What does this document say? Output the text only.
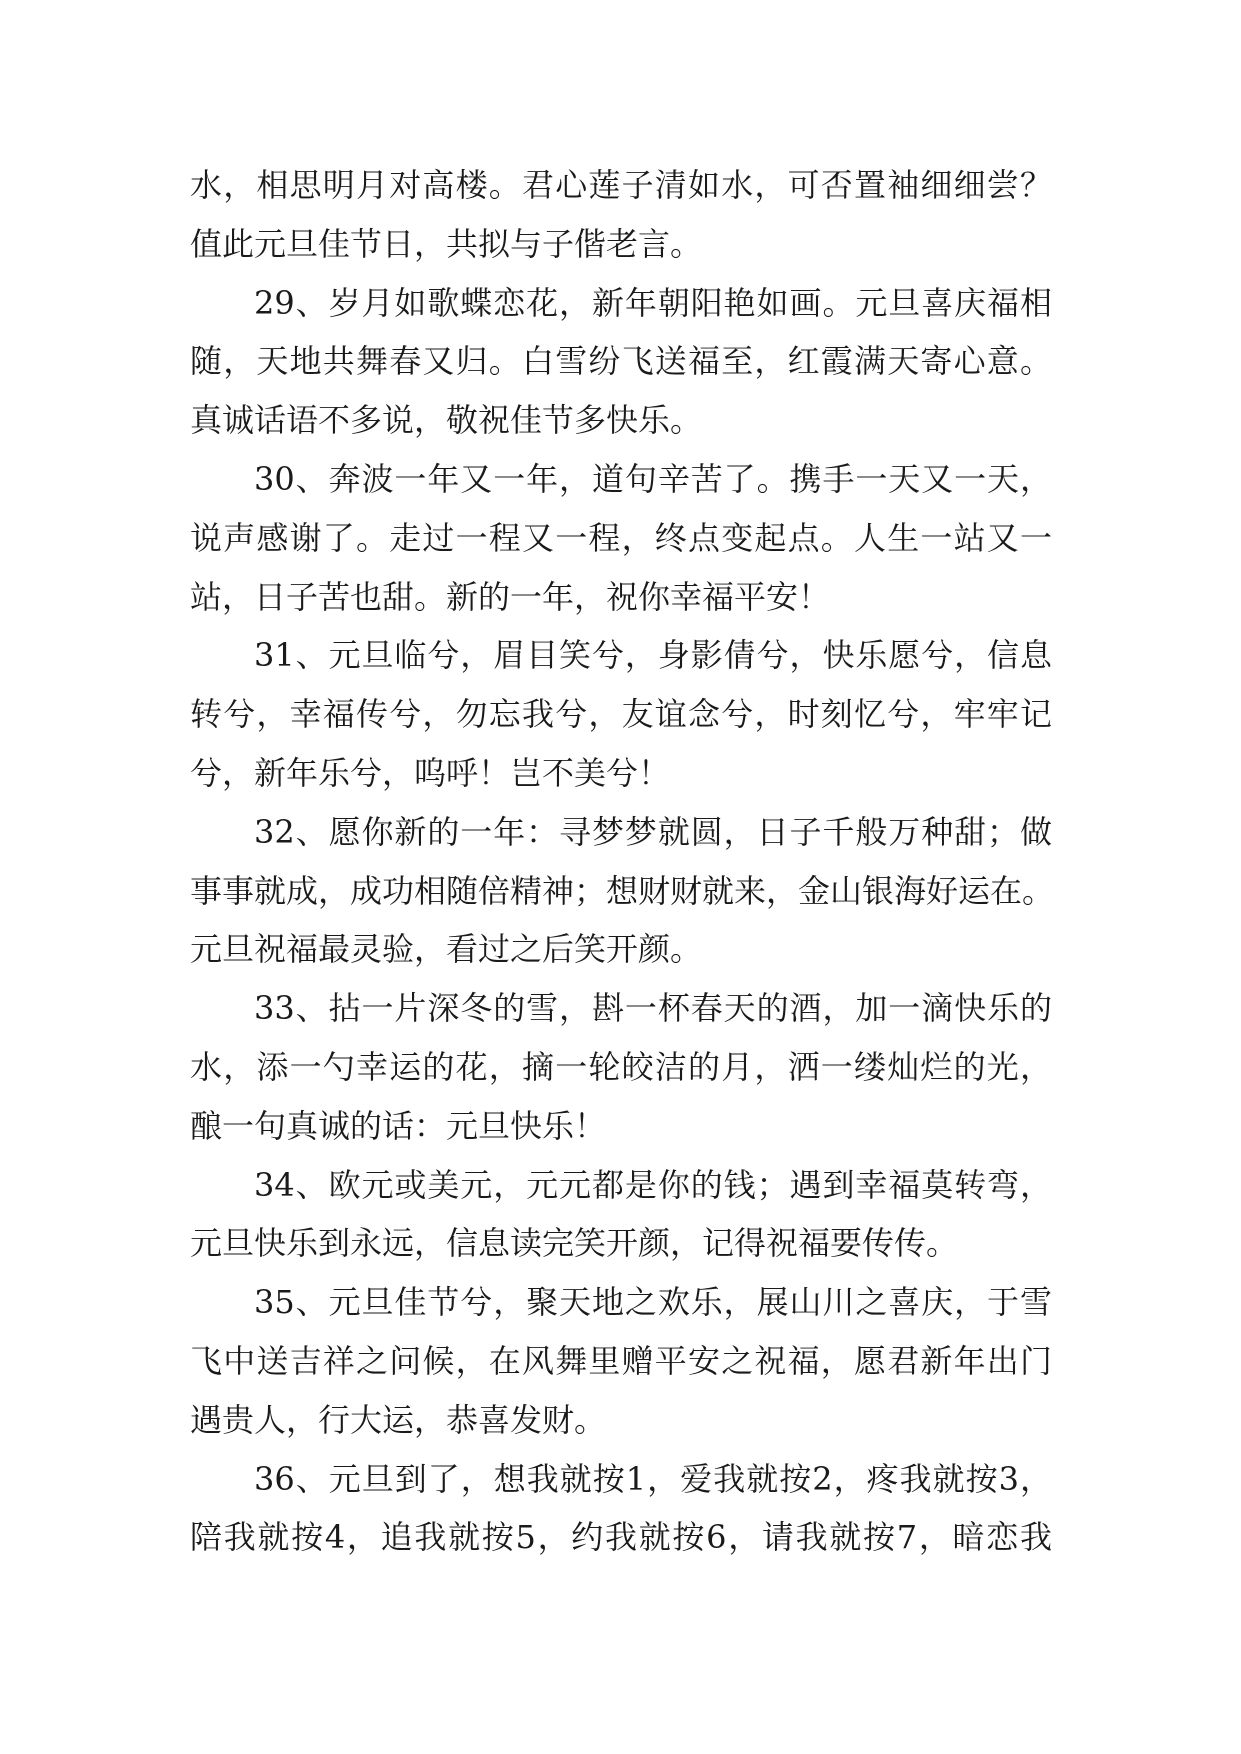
水，相思明月对高楼。君心莲子清如水，可否置袖细细尝？
值此元旦佳节日，共拟与子偕老言。
29、岁月如歌蝶恋花，新年朝阳艳如画。元旦喜庆福相
随，天地共舞春又归。白雪纷飞送福至，红霞满天寄心意。
真诚话语不多说，敬祝佳节多快乐。
30、奔波一年又一年，道句辛苦了。携手一天又一天，
说声感谢了。走过一程又一程，终点变起点。人生一站又一
站，日子苦也甜。新的一年，祝你幸福平安！
31、元旦临兮，眉目笑兮，身影倩兮，快乐愿兮，信息
转兮，幸福传兮，勿忘我兮，友谊念兮，时刻忆兮，牢牢记
兮，新年乐兮，呜呼！岂不美兮！
32、愿你新的一年：寻梦梦就圆，日子千般万种甜；做
事事就成，成功相随倍精神；想财财就来，金山银海好运在。
元旦祝福最灵验，看过之后笑开颜。
33、拈一片深冬的雪，斟一杯春天的酒，加一滴快乐的
水，添一勺幸运的花，摘一轮皎洁的月，洒一缕灿烂的光，
酿一句真诚的话：元旦快乐！
34、欧元或美元，元元都是你的钱；遇到幸福莫转弯，
元旦快乐到永远，信息读完笑开颜，记得祝福要传传。
35、元旦佳节兮，聚天地之欢乐，展山川之喜庆，于雪
飞中送吉祥之问候，在风舞里赠平安之祝福，愿君新年出门
遇贵人，行大运，恭喜发财。
36、元旦到了，想我就按1，爱我就按2，疼我就按3，
陪我就按4，追我就按5，约我就按6，请我就按7，暗恋我
